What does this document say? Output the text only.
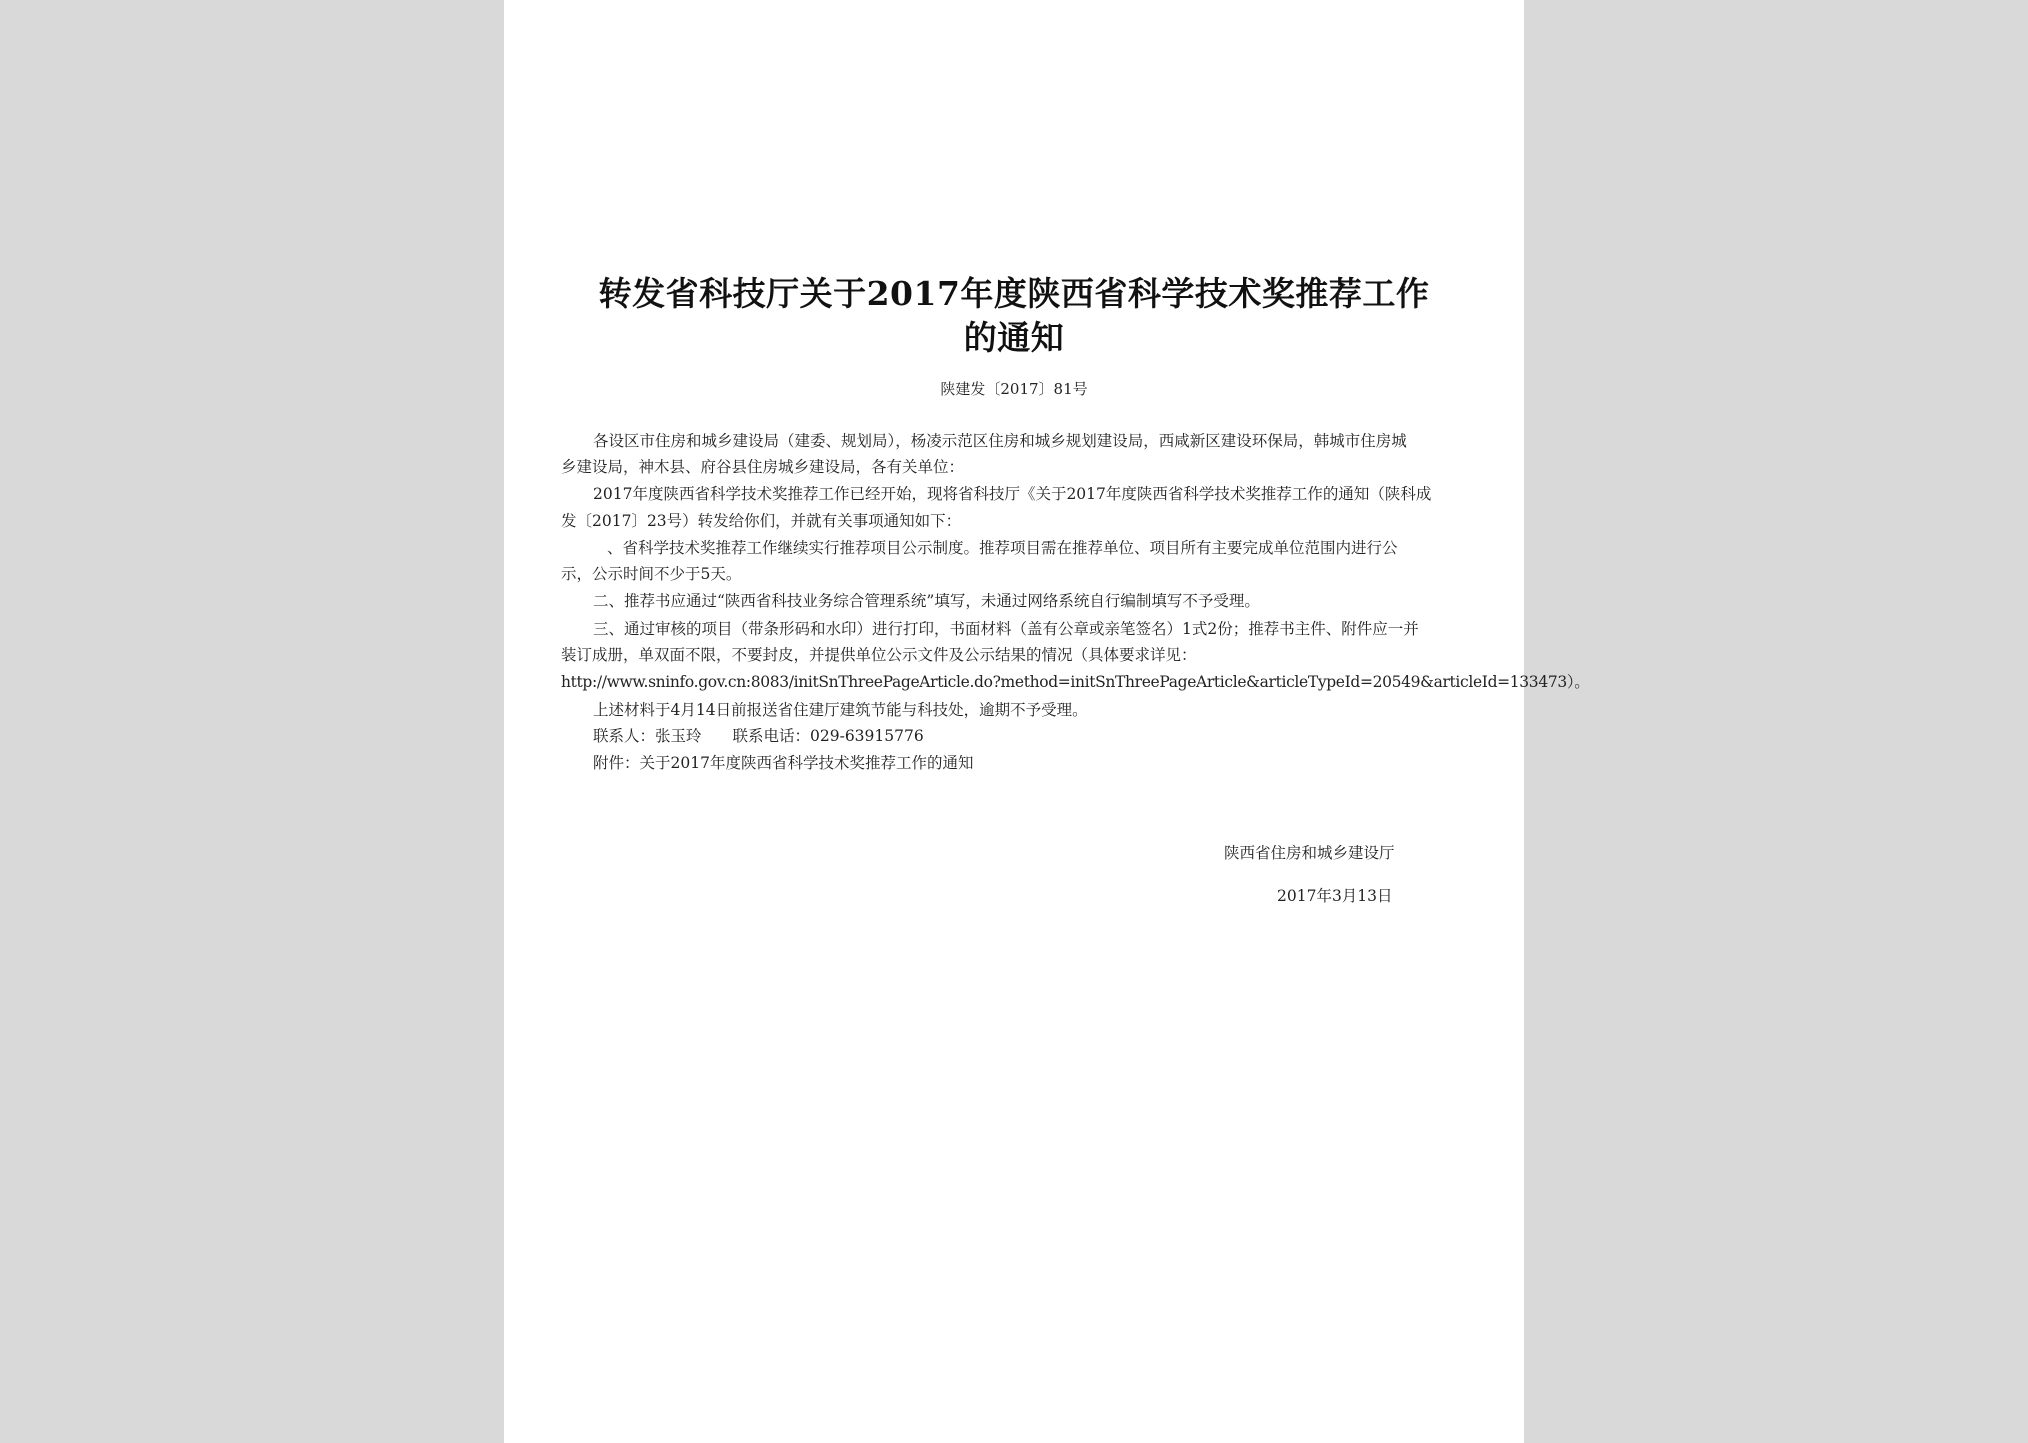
转发省科技厅关于2017年度陕西省科学技术奖推荐工作
的通知
陕建发〔2017〕81号
各设区市住房和城乡建设局（建委、规划局），杨凌示范区住房和城乡规划建设局，西咸新区建设环保局，韩城市住房城
乡建设局，神木县、府谷县住房城乡建设局，各有关单位：
2017年度陕西省科学技术奖推荐工作已经开始，现将省科技厅《关于2017年度陕西省科学技术奖推荐工作的通知（陕科成
发〔2017〕23号）转发给你们，并就有关事项通知如下：
、省科学技术奖推荐工作继续实行推荐项目公示制度。推荐项目需在推荐单位、项目所有主要完成单位范围内进行公
示，公示时间不少于5天。
二、推荐书应通过“陕西省科技业务综合管理系统”填写，未通过网络系统自行编制填写不予受理。
三、通过审核的项目（带条形码和水印）进行打印，书面材料（盖有公章或亲笔签名）1式2份；推荐书主件、附件应一并
装订成册，单双面不限，不要封皮，并提供单位公示文件及公示结果的情况（具体要求详见：
http://www.sninfo.gov.cn:8083/initSnThreePageArticle.do?method=initSnThreePageArticle&articleTypeId=20549&articleId=133473）。
上述材料于4月14日前报送省住建厅建筑节能与科技处，逾期不予受理。
联系人：张玉玲　　联系电话：029-63915776
附件：关于2017年度陕西省科学技术奖推荐工作的通知
陕西省住房和城乡建设厅
2017年3月13日
